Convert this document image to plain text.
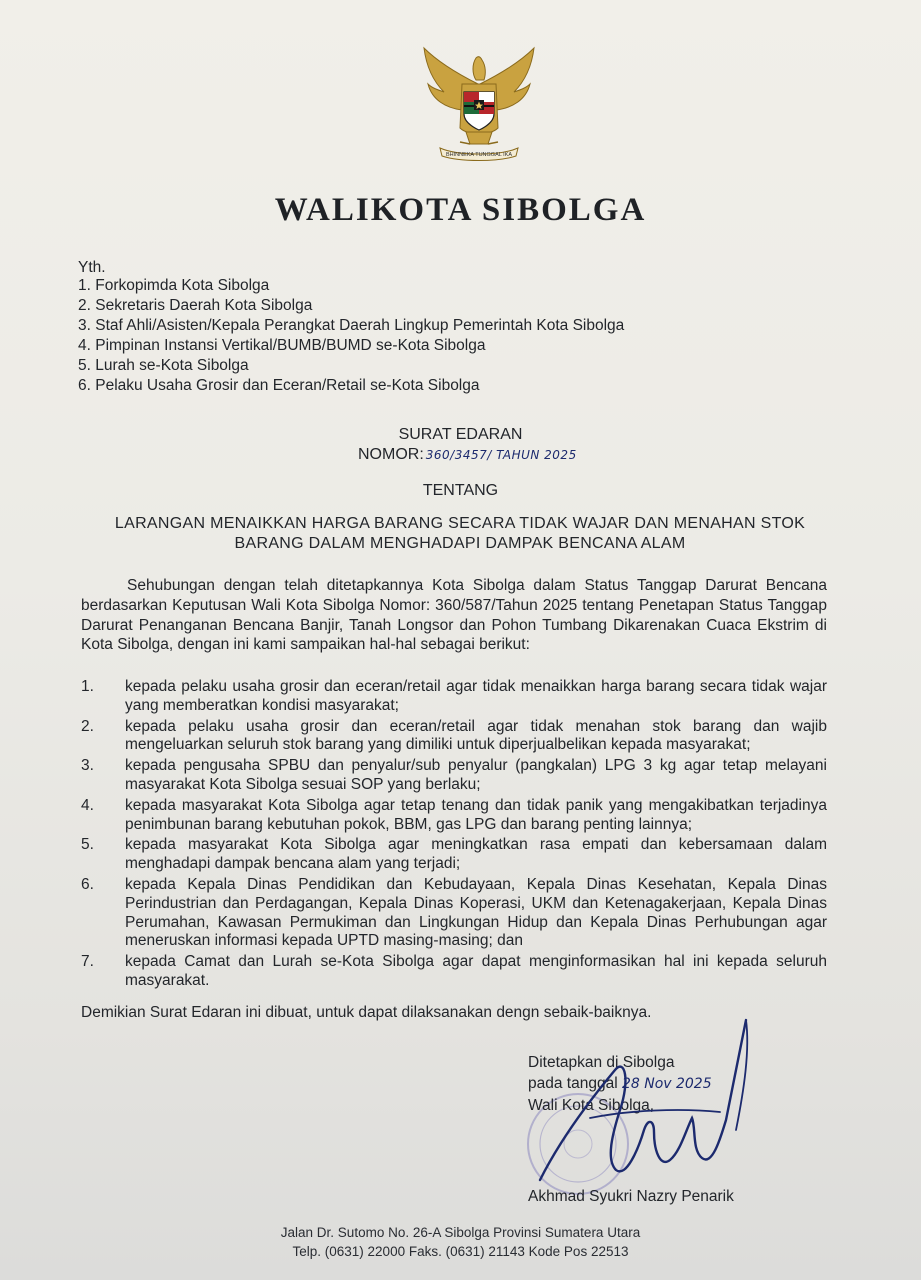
BHINNEKA TUNGGAL IKA
WALIKOTA SIBOLGA
Yth.
1. Forkopimda Kota Sibolga
2. Sekretaris Daerah Kota Sibolga
3. Staf Ahli/Asisten/Kepala Perangkat Daerah Lingkup Pemerintah Kota Sibolga
4. Pimpinan Instansi Vertikal/BUMB/BUMD se-Kota Sibolga
5. Lurah se-Kota Sibolga
6. Pelaku Usaha Grosir dan Eceran/Retail se-Kota Sibolga
SURAT EDARAN
NOMOR: 360/3457/ TAHUN 2025
TENTANG
LARANGAN MENAIKKAN HARGA BARANG SECARA TIDAK WAJAR DAN MENAHAN STOK
BARANG DALAM MENGHADAPI DAMPAK BENCANA ALAM

Sehubungan dengan telah ditetapkannya Kota Sibolga dalam Status Tanggap Darurat Bencana berdasarkan Keputusan Wali Kota Sibolga Nomor: 360/587/Tahun 2025 tentang Penetapan Status Tanggap Darurat Penanganan Bencana Banjir, Tanah Longsor dan Pohon Tumbang Dikarenakan Cuaca Ekstrim di Kota Sibolga, dengan ini kami sampaikan hal-hal sebagai berikut:

1. kepada pelaku usaha grosir dan eceran/retail agar tidak menaikkan harga barang secara tidak wajar yang memberatkan kondisi masyarakat;
2. kepada pelaku usaha grosir dan eceran/retail agar tidak menahan stok barang dan wajib mengeluarkan seluruh stok barang yang dimiliki untuk diperjualbelikan kepada masyarakat;
3. kepada pengusaha SPBU dan penyalur/sub penyalur (pangkalan) LPG 3 kg agar tetap melayani masyarakat Kota Sibolga sesuai SOP yang berlaku;
4. kepada masyarakat Kota Sibolga agar tetap tenang dan tidak panik yang mengakibatkan terjadinya penimbunan barang kebutuhan pokok, BBM, gas LPG dan barang penting lainnya;
5. kepada masyarakat Kota Sibolga agar meningkatkan rasa empati dan kebersamaan dalam menghadapi dampak bencana alam yang terjadi;
6. kepada Kepala Dinas Pendidikan dan Kebudayaan, Kepala Dinas Kesehatan, Kepala Dinas Perindustrian dan Perdagangan, Kepala Dinas Koperasi, UKM dan Ketenagakerjaan, Kepala Dinas Perumahan, Kawasan Permukiman dan Lingkungan Hidup dan Kepala Dinas Perhubungan agar meneruskan informasi kepada UPTD masing-masing; dan
7. kepada Camat dan Lurah se-Kota Sibolga agar dapat menginformasikan hal ini kepada seluruh masyarakat.
Demikian Surat Edaran ini dibuat, untuk dapat dilaksanakan dengn sebaik-baiknya.
Ditetapkan di Sibolga
pada tanggal 28 Nov 2025
Wali Kota Sibolga,
Akhmad Syukri Nazry Penarik
Jalan Dr. Sutomo No. 26-A Sibolga Provinsi Sumatera Utara
Telp. (0631) 22000 Faks. (0631) 21143 Kode Pos 22513
